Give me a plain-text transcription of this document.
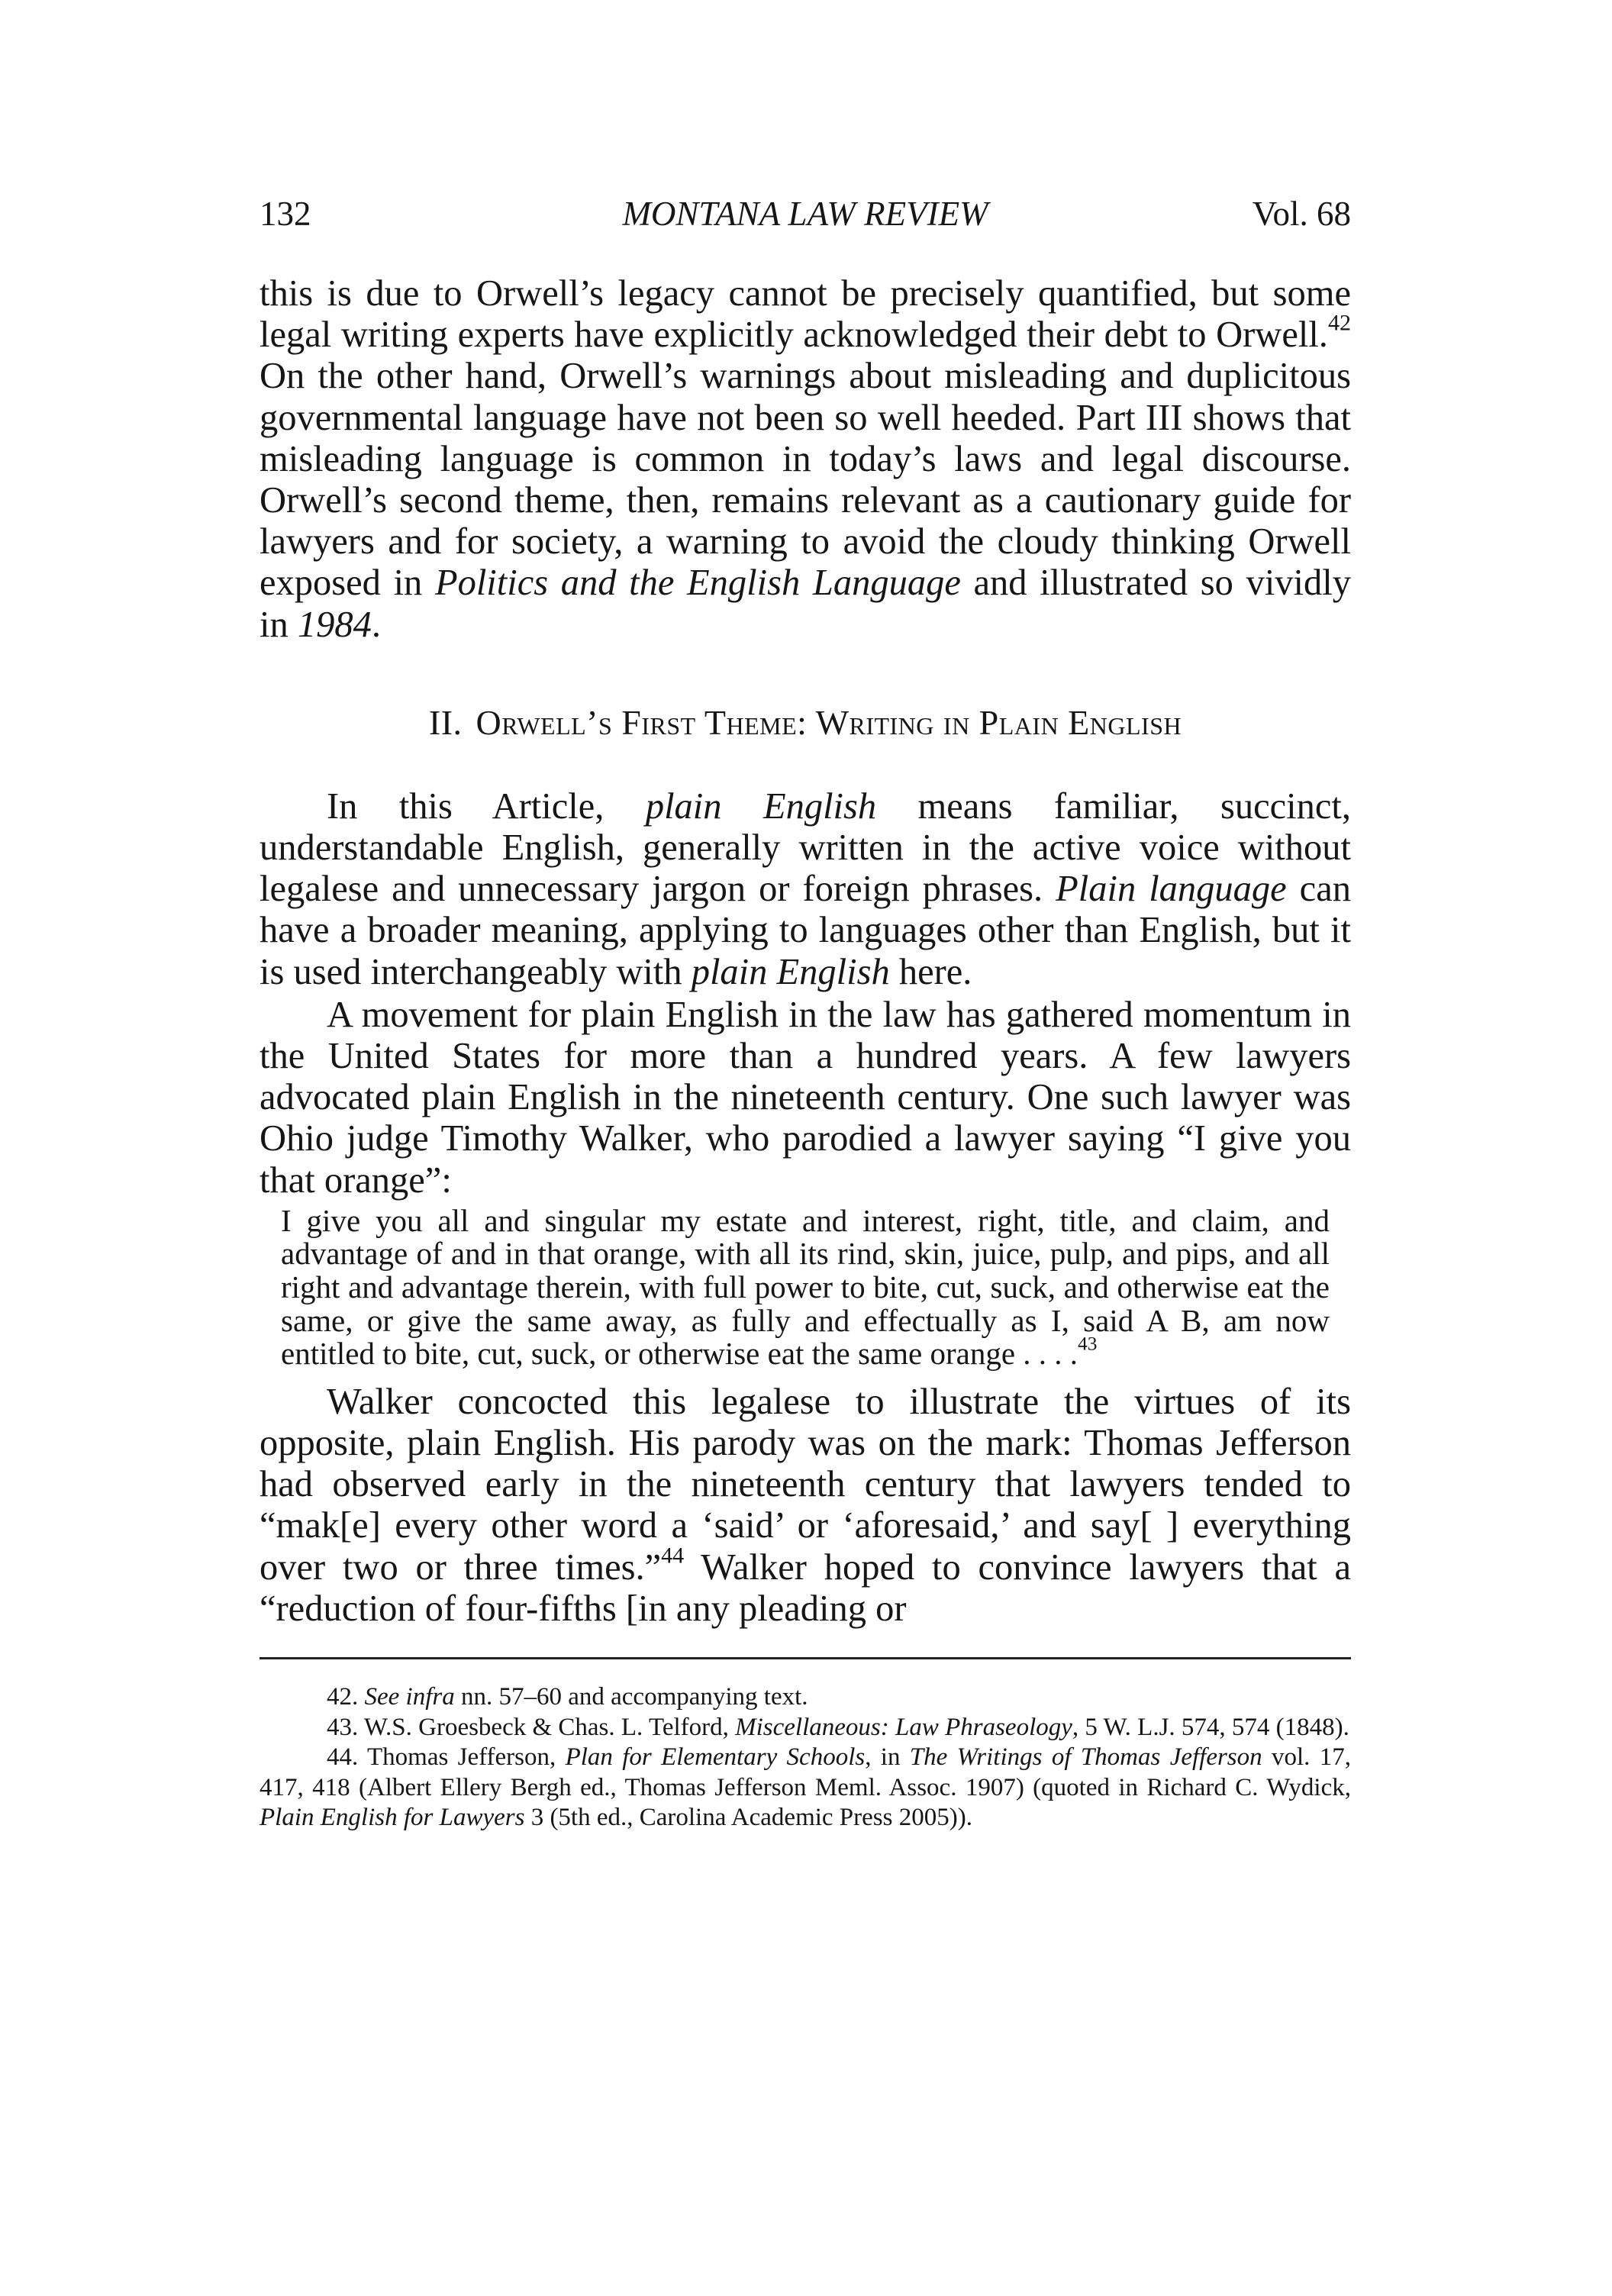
132	MONTANA LAW REVIEW	Vol. 68

this is due to Orwell’s legacy cannot be precisely quantified, but some legal writing experts have explicitly acknowledged their debt to Orwell.$^{42}$ On the other hand, Orwell’s warnings about misleading and duplicitous governmental language have not been so well heeded. Part III shows that misleading language is common in today’s laws and legal discourse. Orwell’s second theme, then, remains relevant as a cautionary guide for lawyers and for society, a warning to avoid the cloudy thinking Orwell exposed in Politics and the English Language and illustrated so vividly in 1984.

II. Orwell’s First Theme: Writing in Plain English

In this Article, plain English means familiar, succinct, understandable English, generally written in the active voice without legalese and unnecessary jargon or foreign phrases. Plain language can have a broader meaning, applying to languages other than English, but it is used interchangeably with plain English here.

A movement for plain English in the law has gathered momentum in the United States for more than a hundred years. A few lawyers advocated plain English in the nineteenth century. One such lawyer was Ohio judge Timothy Walker, who parodied a lawyer saying “I give you that orange”:

I give you all and singular my estate and interest, right, title, and claim, and advantage of and in that orange, with all its rind, skin, juice, pulp, and pips, and all right and advantage therein, with full power to bite, cut, suck, and otherwise eat the same, or give the same away, as fully and effectually as I, said A B, am now entitled to bite, cut, suck, or otherwise eat the same orange . . . .$^{43}$

Walker concocted this legalese to illustrate the virtues of its opposite, plain English. His parody was on the mark: Thomas Jefferson had observed early in the nineteenth century that lawyers tended to “mak[e] every other word a ‘said’ or ‘aforesaid,’ and say[ ] everything over two or three times.”$^{44}$ Walker hoped to convince lawyers that a “reduction of four-fifths [in any pleading or

42. See infra nn. 57–60 and accompanying text.

43. W.S. Groesbeck & Chas. L. Telford, Miscellaneous: Law Phraseology, 5 W. L.J. 574, 574 (1848).

44. Thomas Jefferson, Plan for Elementary Schools, in The Writings of Thomas Jefferson vol. 17, 417, 418 (Albert Ellery Bergh ed., Thomas Jefferson Meml. Assoc. 1907) (quoted in Richard C. Wydick, Plain English for Lawyers 3 (5th ed., Carolina Academic Press 2005)).
